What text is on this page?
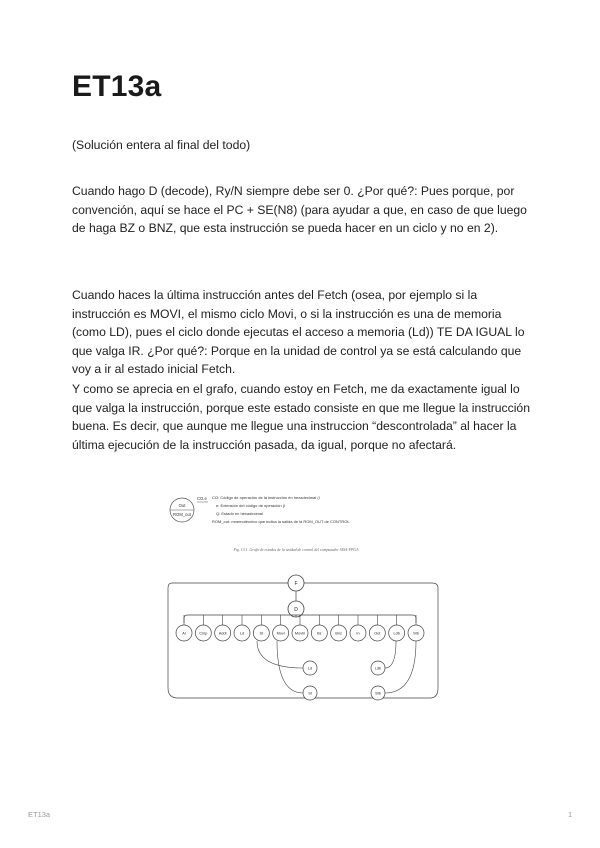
ET13a

(Solución entera al final del todo)

Cuando hago D (decode), Ry/N siempre debe ser 0. ¿Por qué?: Pues porque, por convención, aquí se hace el PC + SE(N8) (para ayudar a que, en caso de que luego de haga BZ o BNZ, que esta instrucción se pueda hacer en un ciclo y no en 2).

Cuando haces la última instrucción antes del Fetch (osea, por ejemplo si la instrucción es MOVI, el mismo ciclo Movi, o si la instrucción es una de memoria (como LD), pues el ciclo donde ejecutas el acceso a memoria (Ld)) TE DA IGUAL lo que valga IR. ¿Por qué?: Porque en la unidad de control ya se está calculando que voy a ir al estado inicial Fetch.

Y como se aprecia en el grafo, cuando estoy en Fetch, me da exactamente igual lo que valga la instrucción, porque este estado consiste en que me llegue la instrucción buena. Es decir, que aunque me llegue una instruccion “descontrolada” al hacer la última ejecución de la instrucción pasada, da igual, porque no afectará.

Out
ROM_out
CO.e CO: Código de operación de la instrucción en hexadecimal (I
e: Extensión del código de operación (I
Q: Estado en hexadecimal
ROM_out: mnemotécnico que indica la salida de la ROM_OUT de CONTROL
Fig. 13.1. Grafo de estados de la unidad de control del computador SISA-FPGA
F
D
Al	Cmp	Addi	Ld	St	Movi	Movhi	Bz	Bnz	In	Out	Ldb	Stb
Ld
St
Ldb
Stb
ET13a	1
